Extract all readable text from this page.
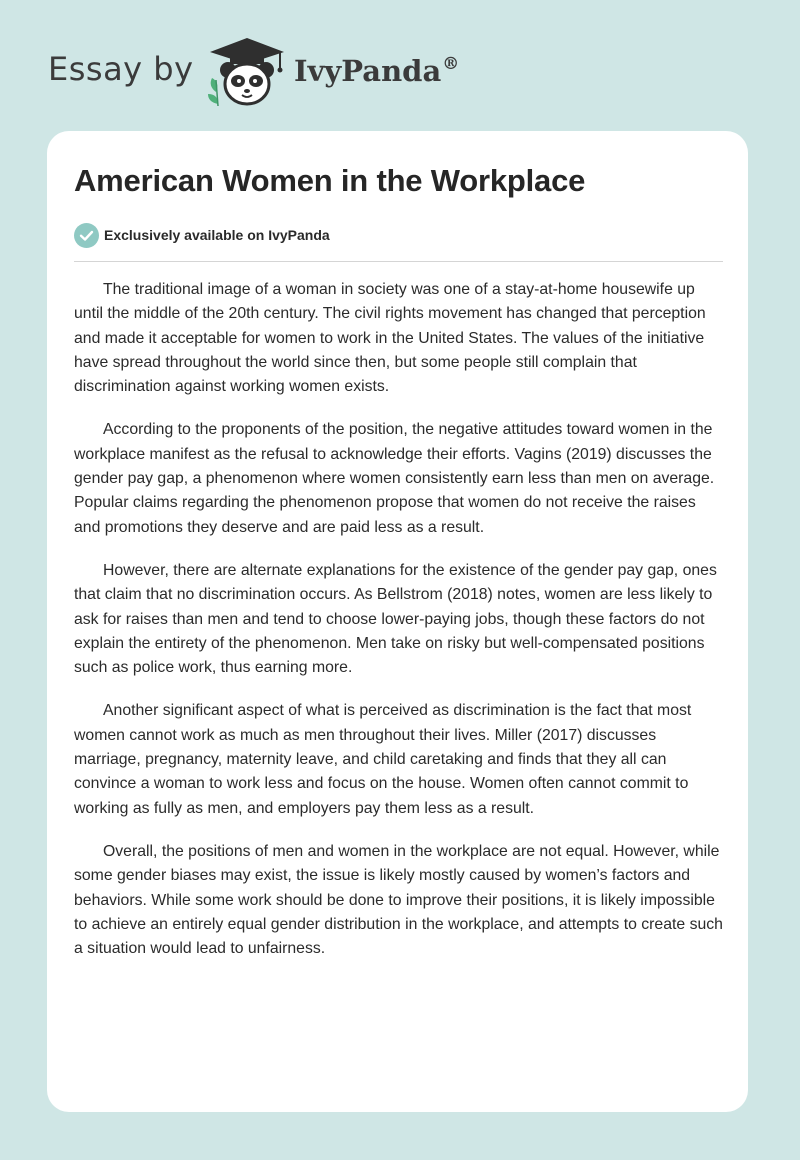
Essay by	IvyPanda®
American Women in the Workplace
Exclusively available on IvyPanda

The traditional image of a woman in society was one of a stay-at-home housewife up until the middle of the 20th century. The civil rights movement has changed that perception and made it acceptable for women to work in the United States. The values of the initiative have spread throughout the world since then, but some people still complain that discrimination against working women exists.

According to the proponents of the position, the negative attitudes toward women in the workplace manifest as the refusal to acknowledge their efforts. Vagins (2019) discusses the gender pay gap, a phenomenon where women consistently earn less than men on average. Popular claims regarding the phenomenon propose that women do not receive the raises and promotions they deserve and are paid less as a result.

However, there are alternate explanations for the existence of the gender pay gap, ones that claim that no discrimination occurs. As Bellstrom (2018) notes, women are less likely to ask for raises than men and tend to choose lower-paying jobs, though these factors do not explain the entirety of the phenomenon. Men take on risky but well-compensated positions such as police work, thus earning more.

Another significant aspect of what is perceived as discrimination is the fact that most women cannot work as much as men throughout their lives. Miller (2017) discusses marriage, pregnancy, maternity leave, and child caretaking and finds that they all can convince a woman to work less and focus on the house. Women often cannot commit to working as fully as men, and employers pay them less as a result.

Overall, the positions of men and women in the workplace are not equal. However, while some gender biases may exist, the issue is likely mostly caused by women’s factors and behaviors. While some work should be done to improve their positions, it is likely impossible to achieve an entirely equal gender distribution in the workplace, and attempts to create such a situation would lead to unfairness.
